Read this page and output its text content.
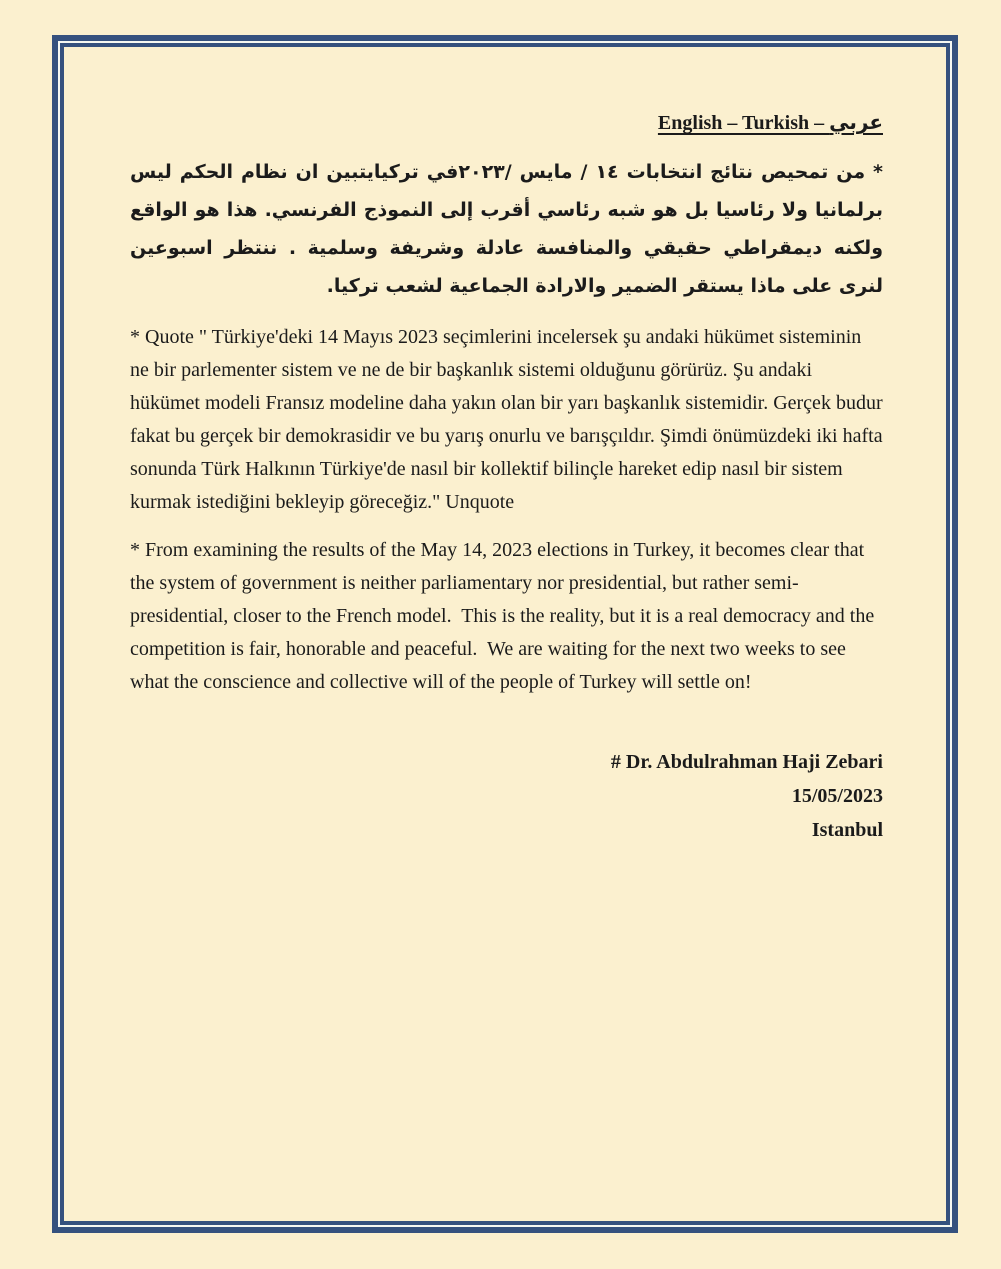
English – Turkish – عربي

* من تمحيص نتائج انتخابات ١٤ / مايس /٢٠٢٣في تركيايتبين ان نظام الحكم ليس برلمانيا ولا رئاسيا بل هو شبه رئاسي أقرب إلى النموذج الفرنسي. هذا هو الواقع ولكنه ديمقراطي حقيقي والمنافسة عادلة وشريفة وسلمية . ننتظر اسبوعين لنرى على ماذا يستقر الضمير والارادة الجماعية لشعب تركيا.

* Quote " Türkiye'deki 14 Mayıs 2023 seçimlerini incelersek şu andaki hükümet sisteminin ne bir parlementer sistem ve ne de bir başkanlık sistemi olduğunu görürüz. Şu andaki hükümet modeli Fransız modeline daha yakın olan bir yarı başkanlık sistemidir. Gerçek budur fakat bu gerçek bir demokrasidir ve bu yarış onurlu ve barışçıldır. Şimdi önümüzdeki iki hafta sonunda Türk Halkının Türkiye'de nasıl bir kollektif bilinçle hareket edip nasıl bir sistem kurmak istediğini bekleyip göreceğiz." Unquote

* From examining the results of the May 14, 2023 elections in Turkey, it becomes clear that the system of government is neither parliamentary nor presidential, but rather semi-presidential, closer to the French model.  This is the reality, but it is a real democracy and the competition is fair, honorable and peaceful.  We are waiting for the next two weeks to see what the conscience and collective will of the people of Turkey will settle on!

# Dr. Abdulrahman Haji Zebari
15/05/2023
Istanbul
